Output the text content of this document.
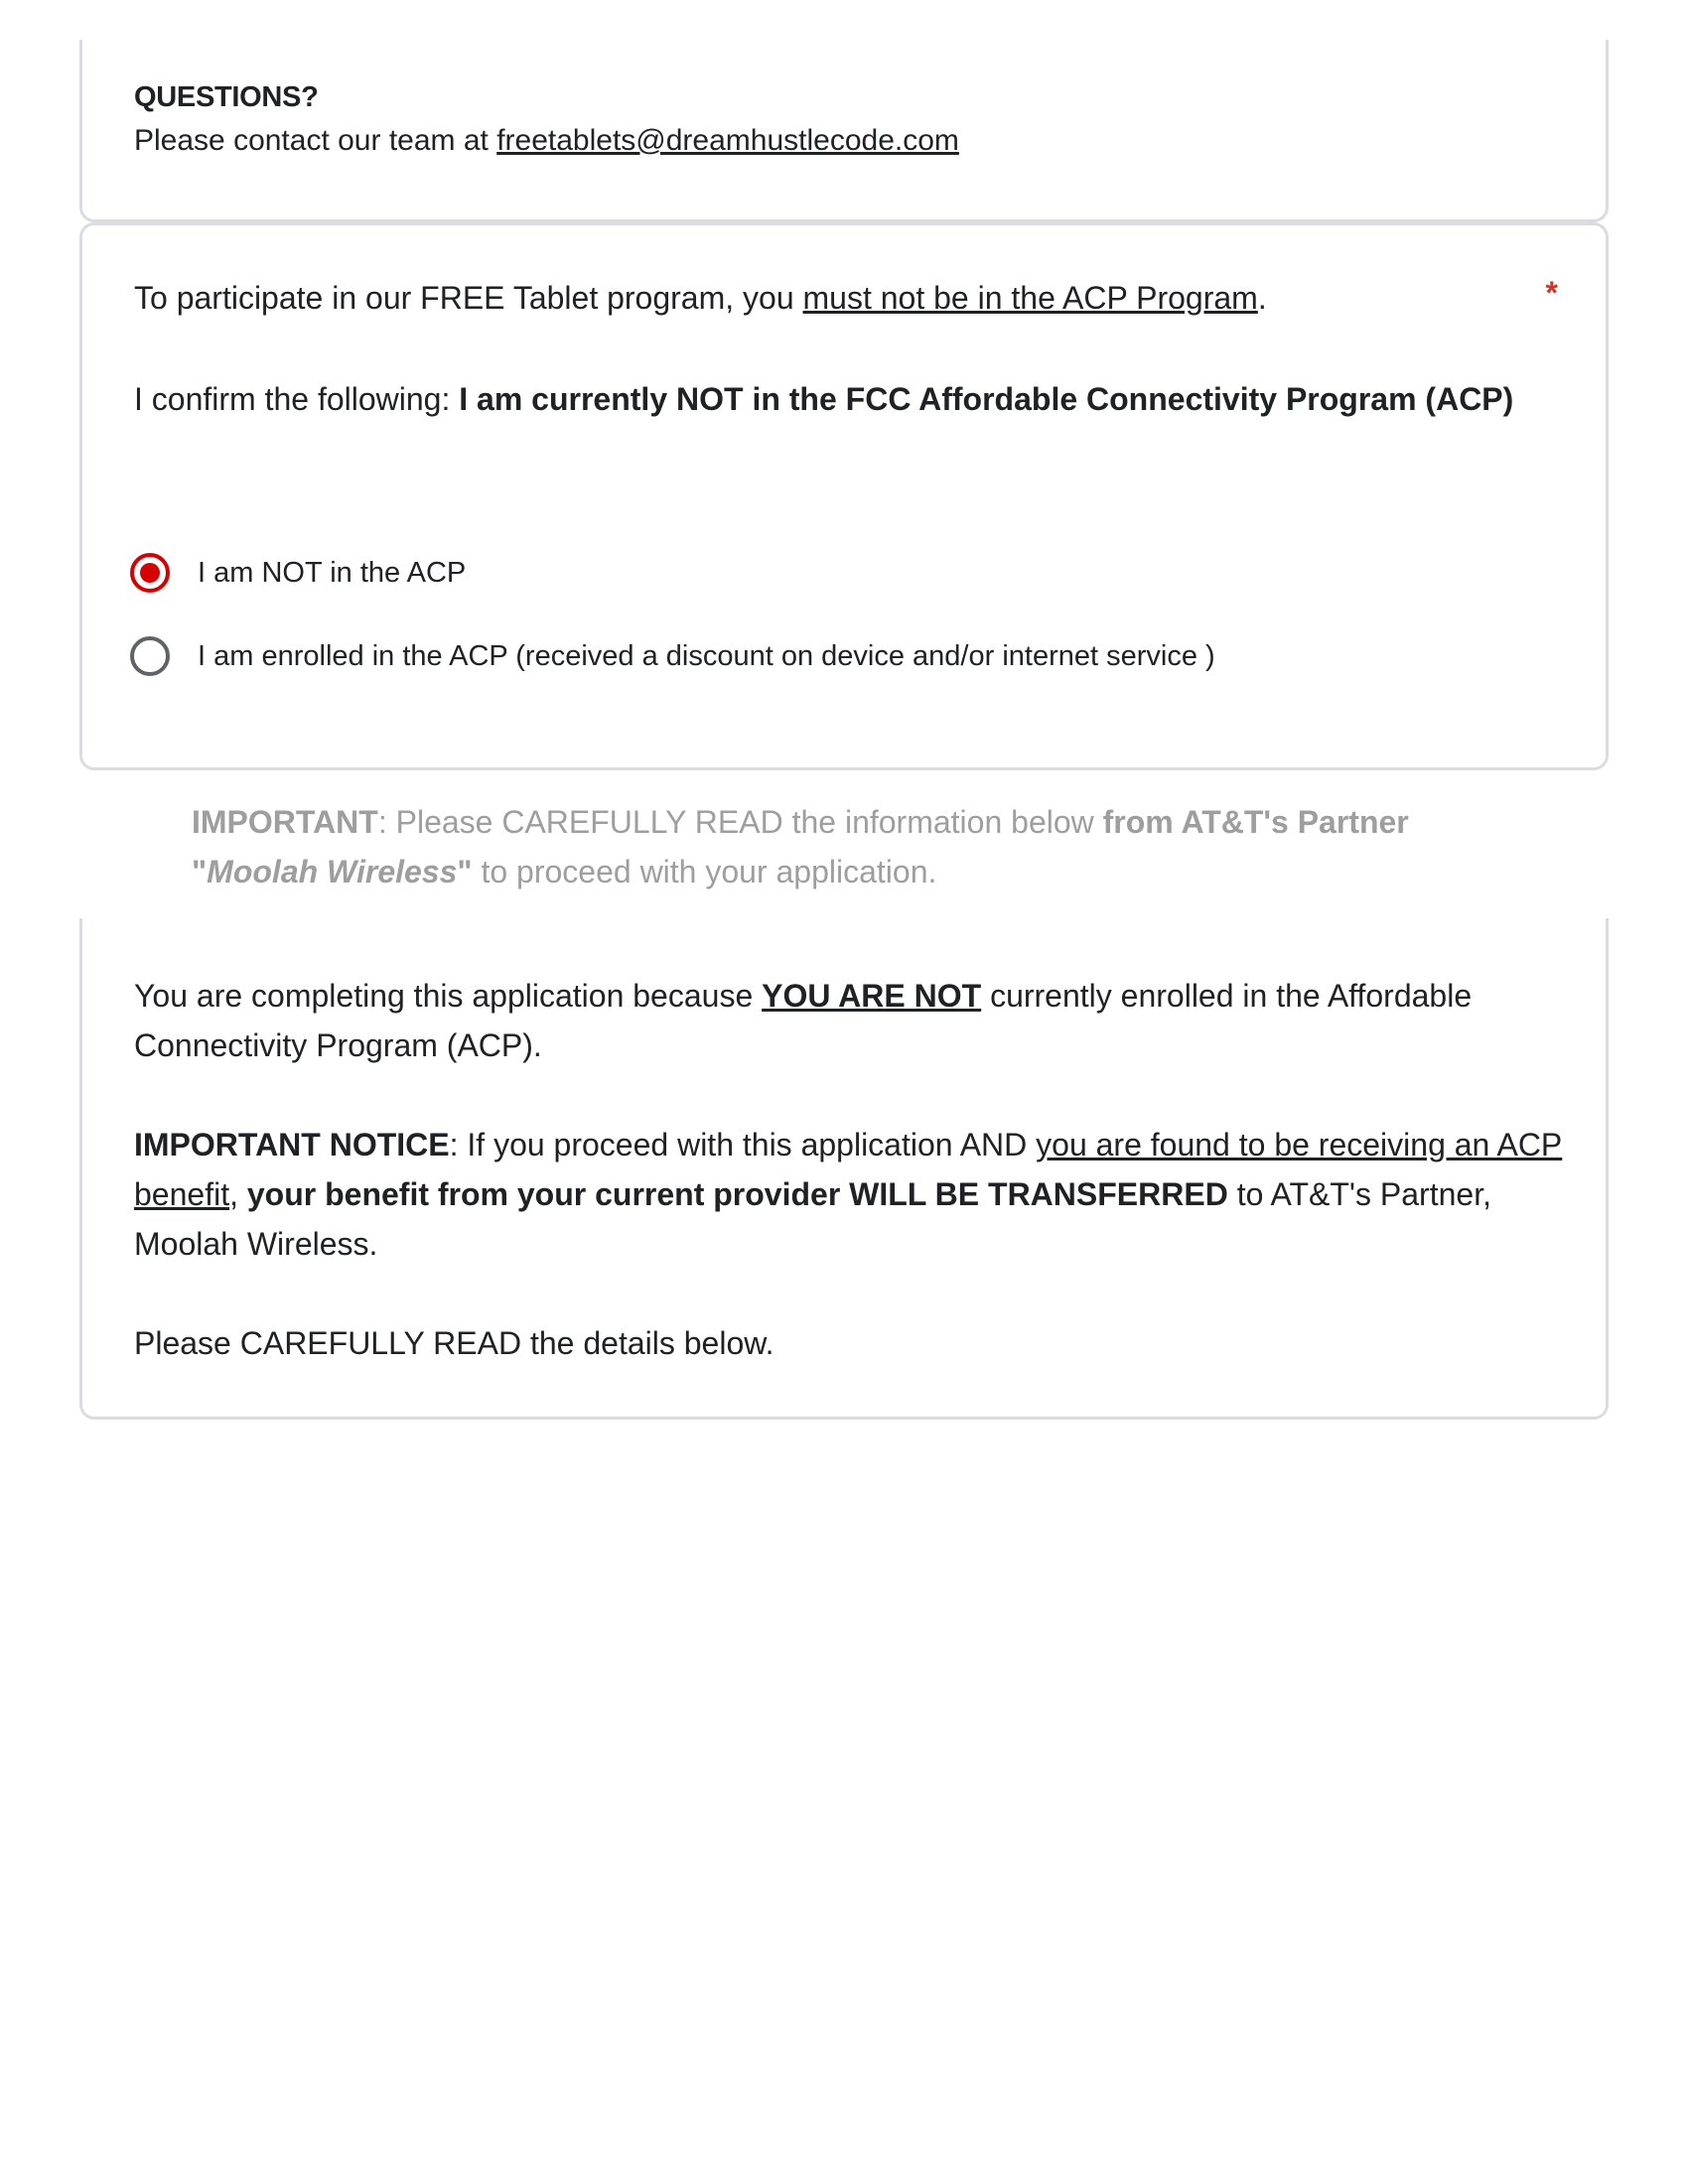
QUESTIONS?
Please contact our team at freetablets@dreamhustlecode.com
To participate in our FREE Tablet program, you must not be in the ACP Program.	*
I confirm the following: I am currently NOT in the FCC Affordable Connectivity Program (ACP)
I am NOT in the ACP
I am enrolled in the ACP (received a discount on device and/or internet service )
IMPORTANT: Please CAREFULLY READ the information below from AT&T's Partner
"Moolah Wireless" to proceed with your application.
You are completing this application because YOU ARE NOT currently enrolled in the Affordable Connectivity Program (ACP).
IMPORTANT NOTICE: If you proceed with this application AND you are found to be receiving an ACP benefit, your benefit from your current provider WILL BE TRANSFERRED to AT&T's Partner, Moolah Wireless.
Please CAREFULLY READ the details below.
